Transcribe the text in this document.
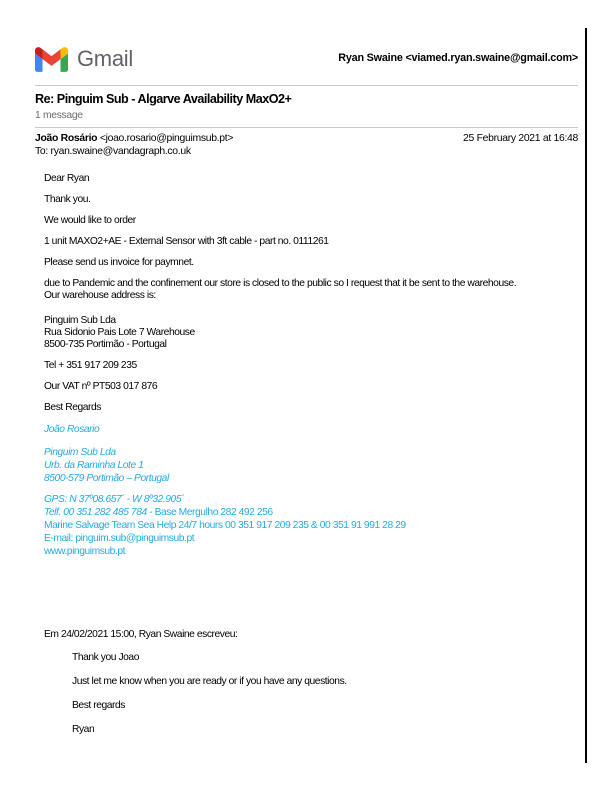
Gmail	Ryan Swaine <viamed.ryan.swaine@gmail.com>
Re: Pinguim Sub - Algarve Availability MaxO2+
1 message
João Rosário <joao.rosario@pinguimsub.pt>	25 February 2021 at 16:48
To: ryan.swaine@vandagraph.co.uk

Dear Ryan

Thank you.

We would like to order

1 unit MAXO2+AE - External Sensor with 3ft cable - part no. 0111261

Please send us invoice for paymnet.

due to Pandemic and the confinement our store is closed to the public so I request that it be sent to the warehouse.
Our warehouse address is:

Pinguim Sub Lda
Rua Sidonio Pais Lote 7 Warehouse
8500-735 Portimão - Portugal

Tel + 351 917 209 235

Our VAT nº PT503 017 876

Best Regards

João Rosario
Pinguim Sub Lda
Urb. da Raminha Lote 1
8500-579 Portimão – Portugal
GPS: N 37º08.657´ - W 8º32.905´
Telf. 00 351 282 485 784 - Base Mergulho 282 492 256
Marine Salvage Team Sea Help 24/7 hours 00 351 917 209 235 & 00 351 91 991 28 29
E-mail: pinguim.sub@pinguimsub.pt
www.pinguimsub.pt

Em 24/02/2021 15:00, Ryan Swaine escreveu:

Thank you Joao

Just let me know when you are ready or if you have any questions.

Best regards

Ryan
